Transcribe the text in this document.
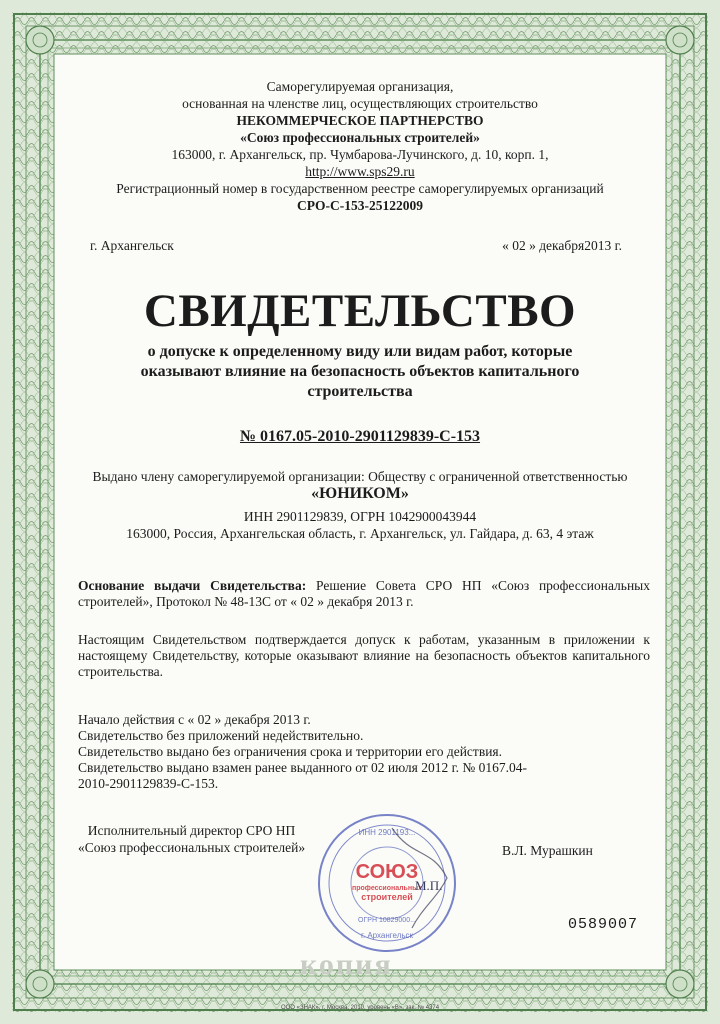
Саморегулируемая организация,
основанная на членстве лиц, осуществляющих строительство
НЕКОММЕРЧЕСКОЕ ПАРТНЕРСТВО
«Союз профессиональных строителей»
163000, г. Архангельск, пр. Чумбарова-Лучинского, д. 10, корп. 1,
http://www.sps29.ru
Регистрационный номер в государственном реестре саморегулируемых организаций
СРО-С-153-25122009
г. Архангельск	« 02 » декабря2013 г.
СВИДЕТЕЛЬСТВО
о допуске к определенному виду или видам работ, которые
оказывают влияние на безопасность объектов капитального
строительства
№ 0167.05-2010-2901129839-С-153
Выдано члену саморегулируемой организации: Обществу с ограниченной ответственностью
«ЮНИКОМ»
ИНН 2901129839, ОГРН 1042900043944
163000, Россия, Архангельская область, г. Архангельск, ул. Гайдара, д. 63, 4 этаж
Основание выдачи Свидетельства: Решение Совета СРО НП «Союз профессиональных строителей», Протокол № 48-13С от « 02 » декабря 2013 г.
Настоящим Свидетельством подтверждается допуск к работам, указанным в приложении к настоящему Свидетельству, которые оказывают влияние на безопасность объектов капитального строительства.
Начало действия с « 02 » декабря 2013 г.
Свидетельство без приложений недействительно.
Свидетельство выдано без ограничения срока и территории его действия.
Свидетельство выдано взамен ранее выданного от 02 июля 2012 г. № 0167.04-2010-2901129839-С-153.
Исполнительный директор СРО НП
«Союз профессиональных строителей»	В.Л. Мурашкин
ИНН 2901193...
СОЮЗ
профессиональных
строителей
ОГРН 10829000...
г. Архангельск
М.П.
0589007
копия
ООО «ЗНАК», г. Москва, 2010, уровень «В», зак. № 4374
